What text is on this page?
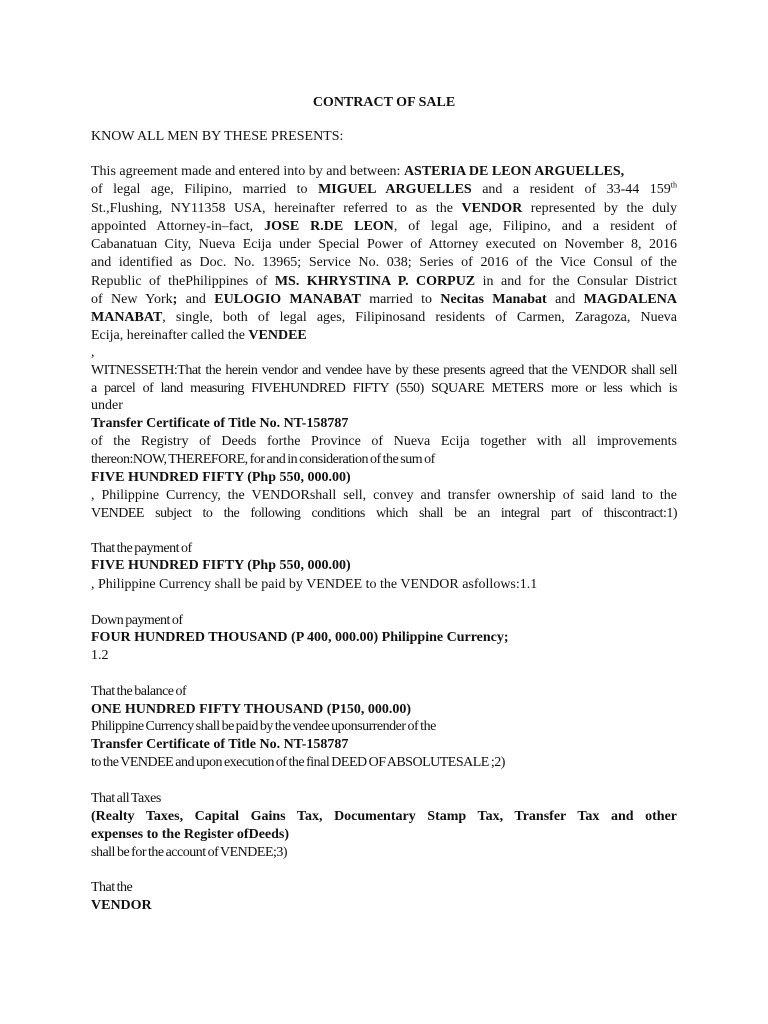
CONTRACT OF SALE
KNOW ALL MEN BY THESE PRESENTS:
This agreement made and entered into by and between: ASTERIA DE LEON ARGUELLES,
of legal age, Filipino, married to MIGUEL ARGUELLES and a resident of 33-44 159th
St.,Flushing, NY11358 USA, hereinafter referred to as the VENDOR represented by the duly
appointed Attorney-in–fact, JOSE R.DE LEON, of legal age, Filipino, and a resident of
Cabanatuan City, Nueva Ecija under Special Power of Attorney executed on November 8, 2016
and identified as Doc. No. 13965; Service No. 038; Series of 2016 of the Vice Consul of the
Republic of thePhilippines of MS. KHRYSTINA P. CORPUZ in and for the Consular District
of New York; and EULOGIO MANABAT married to Necitas Manabat and MAGDALENA
MANABAT, single, both of legal ages, Filipinosand residents of Carmen, Zaragoza, Nueva
Ecija, hereinafter called the VENDEE
,
WITNESSETH:That the herein vendor and vendee have by these presents agreed that the VENDOR shall sell
a parcel of land measuring FIVEHUNDRED FIFTY (550) SQUARE METERS more or less which is
under
Transfer Certificate of Title No. NT-158787
of the Registry of Deeds forthe Province of Nueva Ecija together with all improvements
thereon:NOW, THEREFORE, for and in consideration of the sum of
FIVE HUNDRED FIFTY (Php 550, 000.00)
, Philippine Currency, the VENDORshall sell, convey and transfer ownership of said land to the
VENDEE subject to the following conditions which shall be an integral part of thiscontract:1)
That the payment of
FIVE HUNDRED FIFTY (Php 550, 000.00)
, Philippine Currency shall be paid by VENDEE to the VENDOR asfollows:1.1
Down payment of
FOUR HUNDRED THOUSAND (P 400, 000.00) Philippine Currency;
1.2
That the balance of
ONE HUNDRED FIFTY THOUSAND (P150, 000.00)
Philippine Currency shall be paid by the vendee uponsurrender of the
Transfer Certificate of Title No. NT-158787
to the VENDEE and upon execution of the final DEED OF ABSOLUTESALE ;2)
That all Taxes
(Realty Taxes, Capital Gains Tax, Documentary Stamp Tax, Transfer Tax and other
expenses to the Register ofDeeds)
shall be for the account of VENDEE;3)
That the
VENDOR
